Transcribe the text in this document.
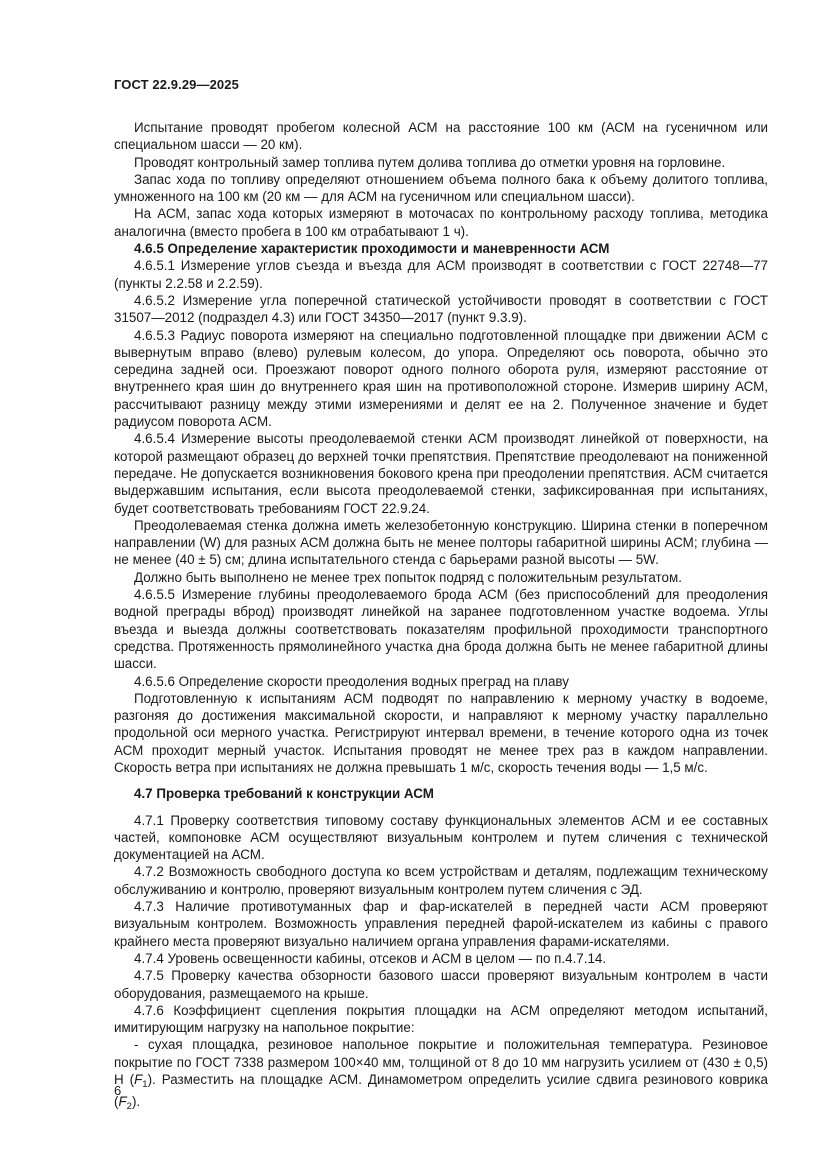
ГОСТ 22.9.29—2025

Испытание проводят пробегом колесной АСМ на расстояние 100 км (АСМ на гусеничном или специальном шасси — 20 км).

Проводят контрольный замер топлива путем долива топлива до отметки уровня на горловине.

Запас хода по топливу определяют отношением объема полного бака к объему долитого топлива, умноженного на 100 км (20 км — для АСМ на гусеничном или специальном шасси).

На АСМ, запас хода которых измеряют в моточасах по контрольному расходу топлива, методика аналогична (вместо пробега в 100 км отрабатывают 1 ч).

4.6.5 Определение характеристик проходимости и маневренности АСМ

4.6.5.1 Измерение углов съезда и въезда для АСМ производят в соответствии с ГОСТ 22748—77 (пункты 2.2.58 и 2.2.59).

4.6.5.2 Измерение угла поперечной статической устойчивости проводят в соответствии с ГОСТ 31507—2012 (подраздел 4.3) или ГОСТ 34350—2017 (пункт 9.3.9).

4.6.5.3 Радиус поворота измеряют на специально подготовленной площадке при движении АСМ с вывернутым вправо (влево) рулевым колесом, до упора. Определяют ось поворота, обычно это середина задней оси. Проезжают поворот одного полного оборота руля, измеряют расстояние от внутреннего края шин до внутреннего края шин на противоположной стороне. Измерив ширину АСМ, рассчитывают разницу между этими измерениями и делят ее на 2. Полученное значение и будет радиусом поворота АСМ.

4.6.5.4 Измерение высоты преодолеваемой стенки АСМ производят линейкой от поверхности, на которой размещают образец до верхней точки препятствия. Препятствие преодолевают на пониженной передаче. Не допускается возникновения бокового крена при преодолении препятствия. АСМ считается выдержавшим испытания, если высота преодолеваемой стенки, зафиксированная при испытаниях, будет соответствовать требованиям ГОСТ 22.9.24.

Преодолеваемая стенка должна иметь железобетонную конструкцию. Ширина стенки в поперечном направлении (W) для разных АСМ должна быть не менее полторы габаритной ширины АСМ; глубина — не менее (40 ± 5) см; длина испытательного стенда с барьерами разной высоты — 5W.

Должно быть выполнено не менее трех попыток подряд с положительным результатом.

4.6.5.5 Измерение глубины преодолеваемого брода АСМ (без приспособлений для преодоления водной преграды вброд) производят линейкой на заранее подготовленном участке водоема. Углы въезда и выезда должны соответствовать показателям профильной проходимости транспортного средства. Протяженность прямолинейного участка дна брода должна быть не менее габаритной длины шасси.

4.6.5.6 Определение скорости преодоления водных преград на плаву

Подготовленную к испытаниям АСМ подводят по направлению к мерному участку в водоеме, разгоняя до достижения максимальной скорости, и направляют к мерному участку параллельно продольной оси мерного участка. Регистрируют интервал времени, в течение которого одна из точек АСМ проходит мерный участок. Испытания проводят не менее трех раз в каждом направлении. Скорость ветра при испытаниях не должна превышать 1 м/с, скорость течения воды — 1,5 м/с.

4.7 Проверка требований к конструкции АСМ

4.7.1 Проверку соответствия типовому составу функциональных элементов АСМ и ее составных частей, компоновке АСМ осуществляют визуальным контролем и путем сличения с технической документацией на АСМ.

4.7.2 Возможность свободного доступа ко всем устройствам и деталям, подлежащим техническому обслуживанию и контролю, проверяют визуальным контролем путем сличения с ЭД.

4.7.3 Наличие противотуманных фар и фар-искателей в передней части АСМ проверяют визуальным контролем. Возможность управления передней фарой-искателем из кабины с правого крайнего места проверяют визуально наличием органа управления фарами-искателями.

4.7.4 Уровень освещенности кабины, отсеков и АСМ в целом — по п.4.7.14.

4.7.5 Проверку качества обзорности базового шасси проверяют визуальным контролем в части оборудования, размещаемого на крыше.

4.7.6 Коэффициент сцепления покрытия площадки на АСМ определяют методом испытаний, имитирующим нагрузку на напольное покрытие:

- сухая площадка, резиновое напольное покрытие и положительная температура. Резиновое покрытие по ГОСТ 7338 размером 100×40 мм, толщиной от 8 до 10 мм нагрузить усилием от (430 ± 0,5) Н $(F_1)$. Разместить на площадке АСМ. Динамометром определить усилие сдвига резинового коврика $(F_2)$.

6
